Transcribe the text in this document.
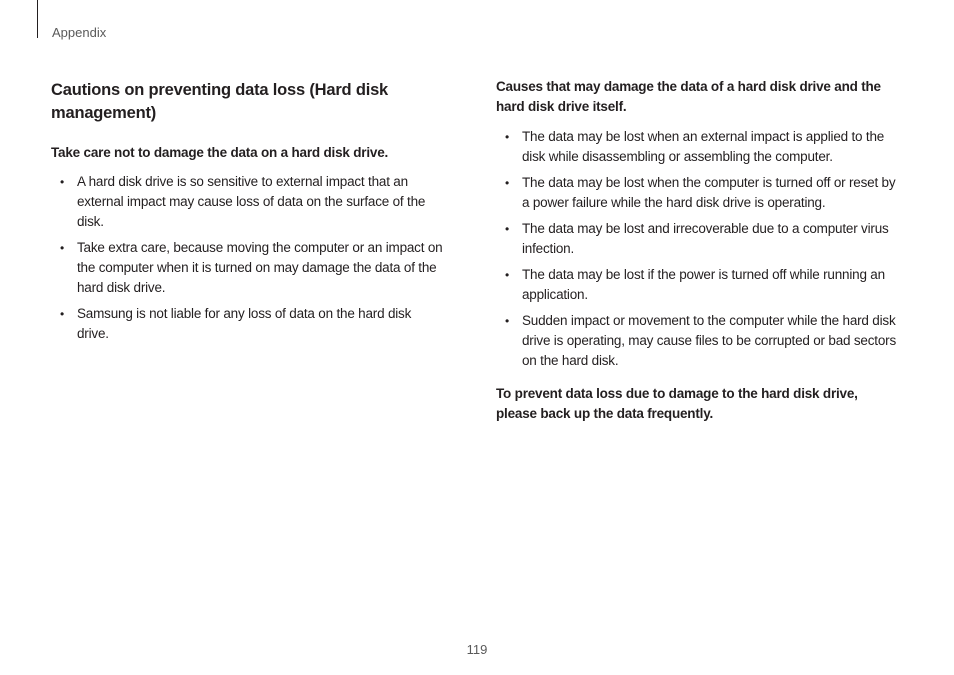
Appendix
Cautions on preventing data loss (Hard disk management)

Take care not to damage the data on a hard disk drive.

• A hard disk drive is so sensitive to external impact that an external impact may cause loss of data on the surface of the disk.
• Take extra care, because moving the computer or an impact on the computer when it is turned on may damage the data of the hard disk drive.
• Samsung is not liable for any loss of data on the hard disk drive.

Causes that may damage the data of a hard disk drive and the hard disk drive itself.

• The data may be lost when an external impact is applied to the disk while disassembling or assembling the computer.
• The data may be lost when the computer is turned off or reset by a power failure while the hard disk drive is operating.
• The data may be lost and irrecoverable due to a computer virus infection.
• The data may be lost if the power is turned off while running an application.
• Sudden impact or movement to the computer while the hard disk drive is operating, may cause files to be corrupted or bad sectors on the hard disk.

To prevent data loss due to damage to the hard disk drive, please back up the data frequently.

119
